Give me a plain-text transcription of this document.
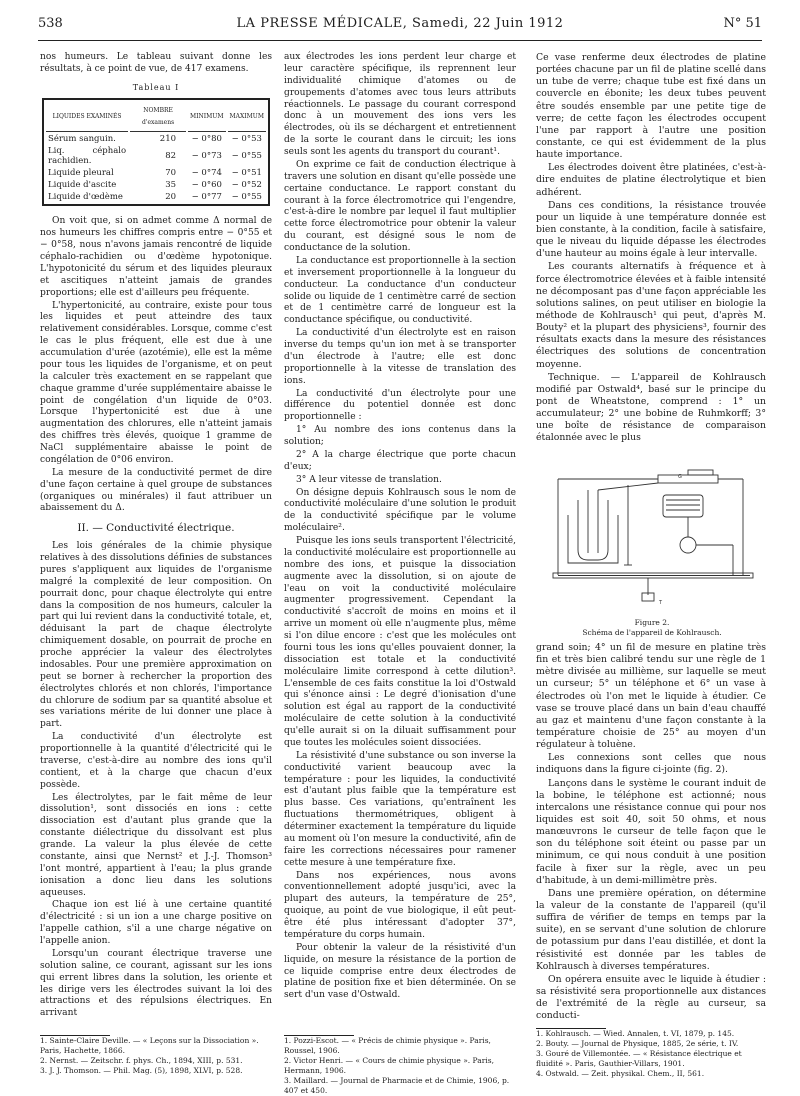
538	LA PRESSE MÉDICALE, Samedi, 22 Juin 1912	N° 51

nos humeurs. Le tableau suivant donne les résultats, à ce point de vue, de 417 examens.

Tableau I
LIQUIDES EXAMINÉS	NOMBRE d'examens	MINIMUM	MAXIMUM
Sérum sanguin.	210	− 0°80	− 0°53
Liq. céphalo rachidien.	82	− 0°73	− 0°55
Liquide pleural	70	− 0°74	− 0°51
Liquide d'ascite	35	− 0°60	− 0°52
Liquide d'œdème	20	− 0°77	− 0°55

On voit que, si on admet comme Δ normal de nos humeurs les chiffres compris entre − 0°55 et − 0°58, nous n'avons jamais rencontré de liquide céphalo-rachidien ou d'œdème hypotonique. L'hypotonicité du sérum et des liquides pleuraux et ascitiques n'atteint jamais de grandes proportions; elle est d'ailleurs peu fréquente.

L'hypertonicité, au contraire, existe pour tous les liquides et peut atteindre des taux relativement considérables. Lorsque, comme c'est le cas le plus fréquent, elle est due à une accumulation d'urée (azotémie), elle est la même pour tous les liquides de l'organisme, et on peut la calculer très exactement en se rappelant que chaque gramme d'urée supplémentaire abaisse le point de congélation d'un liquide de 0°03. Lorsque l'hypertonicité est due à une augmentation des chlorures, elle n'atteint jamais des chiffres très élevés, quoique 1 gramme de NaCl supplémentaire abaisse le point de congélation de 0°06 environ.

La mesure de la conductivité permet de dire d'une façon certaine à quel groupe de substances (organiques ou minérales) il faut attribuer un abaissement du Δ.

II. — Conductivité électrique.

Les lois générales de la chimie physique relatives à des dissolutions définies de substances pures s'appliquent aux liquides de l'organisme malgré la complexité de leur composition. On pourrait donc, pour chaque électrolyte qui entre dans la composition de nos humeurs, calculer la part qui lui revient dans la conductivité totale, et, déduisant la part de chaque électrolyte chimiquement dosable, on pourrait de proche en proche apprécier la valeur des électrolytes indosables. Pour une première approximation on peut se borner à rechercher la proportion des électrolytes chlorés et non chlorés, l'importance du chlorure de sodium par sa quantité absolue et ses variations mérite de lui donner une place à part.

La conductivité d'un électrolyte est proportionnelle à la quantité d'électricité qui le traverse, c'est-à-dire au nombre des ions qu'il contient, et à la charge que chacun d'eux possède.

Les électrolytes, par le fait même de leur dissolution¹, sont dissociés en ions : cette dissociation est d'autant plus grande que la constante diélectrique du dissolvant est plus grande. La valeur la plus élevée de cette constante, ainsi que Nernst² et J.-J. Thomson³ l'ont montré, appartient à l'eau; la plus grande ionisation a donc lieu dans les solutions aqueuses.

Chaque ion est lié à une certaine quantité d'électricité : si un ion a une charge positive on l'appelle cathion, s'il a une charge négative on l'appelle anion.

Lorsqu'un courant électrique traverse une solution saline, ce courant, agissant sur les ions qui errent libres dans la solution, les oriente et les dirige vers les électrodes suivant la loi des attractions et des répulsions électriques. En arrivant

1. Sainte-Claire Deville. — « Leçons sur la Dissociation ». Paris, Hachette, 1866.
2. Nernst. — Zeitschr. f. phys. Ch., 1894, XIII, p. 531.
3. J. J. Thomson. — Phil. Mag. (5), 1898, XLVI, p. 528.

aux électrodes les ions perdent leur charge et leur caractère spécifique, ils reprennent leur individualité chimique d'atomes ou de groupements d'atomes avec tous leurs attributs réactionnels. Le passage du courant correspond donc à un mouvement des ions vers les électrodes, où ils se déchargent et entretiennent de la sorte le courant dans le circuit; les ions seuls sont les agents du transport du courant¹.

On exprime ce fait de conduction électrique à travers une solution en disant qu'elle possède une certaine conductance. Le rapport constant du courant à la force électromotrice qui l'engendre, c'est-à-dire le nombre par lequel il faut multiplier cette force électromotrice pour obtenir la valeur du courant, est désigné sous le nom de conductance de la solution.

La conductance est proportionnelle à la section et inversement proportionnelle à la longueur du conducteur. La conductance d'un conducteur solide ou liquide de 1 centimètre carré de section et de 1 centimètre carré de longueur est la conductance spécifique, ou conductivité.

La conductivité d'un électrolyte est en raison inverse du temps qu'un ion met à se transporter d'un électrode à l'autre; elle est donc proportionnelle à la vitesse de translation des ions.

La conductivité d'un électrolyte pour une différence du potentiel donnée est donc proportionnelle :

1° Au nombre des ions contenus dans la solution;

2° A la charge électrique que porte chacun d'eux;

3° A leur vitesse de translation.

On désigne depuis Kohlrausch sous le nom de conductivité moléculaire d'une solution le produit de la conductivité spécifique par le volume moléculaire².

Puisque les ions seuls transportent l'électricité, la conductivité moléculaire est proportionnelle au nombre des ions, et puisque la dissociation augmente avec la dissolution, si on ajoute de l'eau on voit la conductivité moléculaire augmenter progressivement. Cependant la conductivité s'accroît de moins en moins et il arrive un moment où elle n'augmente plus, même si l'on dilue encore : c'est que les molécules ont fourni tous les ions qu'elles pouvaient donner, la dissociation est totale et la conductivité moléculaire limite correspond à cette dilution³. L'ensemble de ces faits constitue la loi d'Ostwald qui s'énonce ainsi : Le degré d'ionisation d'une solution est égal au rapport de la conductivité moléculaire de cette solution à la conductivité qu'elle aurait si on la diluait suffisamment pour que toutes les molécules soient dissociées.

La résistivité d'une substance ou son inverse la conductivité varient beaucoup avec la température : pour les liquides, la conductivité est d'autant plus faible que la température est plus basse. Ces variations, qu'entraînent les fluctuations thermométriques, obligent à déterminer exactement la température du liquide au moment où l'on mesure la conductivité, afin de faire les corrections nécessaires pour ramener cette mesure à une température fixe.

Dans nos expériences, nous avons conventionnellement adopté jusqu'ici, avec la plupart des auteurs, la température de 25°, quoique, au point de vue biologique, il eût peut-être été plus intéressant d'adopter 37°, température du corps humain.

Pour obtenir la valeur de la résistivité d'un liquide, on mesure la résistance de la portion de ce liquide comprise entre deux électrodes de platine de position fixe et bien déterminée. On se sert d'un vase d'Ostwald.

1. Pozzi-Escot. — « Précis de chimie physique ». Paris, Roussel, 1906.
2. Victor Henri. — « Cours de chimie physique ». Paris, Hermann, 1906.
3. Maillard. — Journal de Pharmacie et de Chimie, 1906, p. 407 et 450.

Ce vase renferme deux électrodes de platine portées chacune par un fil de platine scellé dans un tube de verre; chaque tube est fixé dans un couvercle en ébonite; les deux tubes peuvent être soudés ensemble par une petite tige de verre; de cette façon les électrodes occupent l'une par rapport à l'autre une position constante, ce qui est évidemment de la plus haute importance.

Les électrodes doivent être platinées, c'est-à-dire enduites de platine électrolytique et bien adhérent.

Dans ces conditions, la résistance trouvée pour un liquide à une température donnée est bien constante, à la condition, facile à satisfaire, que le niveau du liquide dépasse les électrodes d'une hauteur au moins égale à leur intervalle.

Les courants alternatifs à fréquence et à force électromotrice élevées et à faible intensité ne décomposant pas d'une façon appréciable les solutions salines, on peut utiliser en biologie la méthode de Kohlrausch¹ qui peut, d'après M. Bouty² et la plupart des physiciens³, fournir des résultats exacts dans la mesure des résistances électriques des solutions de concentration moyenne.

Technique. — L'appareil de Kohlrausch modifié par Ostwald⁴, basé sur le principe du pont de Wheatstone, comprend : 1° un accumulateur; 2° une bobine de Ruhmkorff; 3° une boîte de résistance de comparaison étalonnée avec le plus

T
G
Figure 2.
Schéma de l'appareil de Kohlrausch.

grand soin; 4° un fil de mesure en platine très fin et très bien calibré tendu sur une règle de 1 mètre divisée au millième, sur laquelle se meut un curseur; 5° un téléphone et 6° un vase à électrodes où l'on met le liquide à étudier. Ce vase se trouve placé dans un bain d'eau chauffé au gaz et maintenu d'une façon constante à la température choisie de 25° au moyen d'un régulateur à toluène.

Les connexions sont celles que nous indiquons dans la figure ci-jointe (fig. 2).

Lançons dans le système le courant induit de la bobine, le téléphone est actionné; nous intercalons une résistance connue qui pour nos liquides est soit 40, soit 50 ohms, et nous manœuvrons le curseur de telle façon que le son du téléphone soit éteint ou passe par un minimum, ce qui nous conduit à une position facile à fixer sur la règle, avec un peu d'habitude, à un demi-millimètre près.

Dans une première opération, on détermine la valeur de la constante de l'appareil (qu'il suffira de vérifier de temps en temps par la suite), en se servant d'une solution de chlorure de potassium pur dans l'eau distillée, et dont la résistivité est donnée par les tables de Kohlrausch à diverses températures.

On opérera ensuite avec le liquide à étudier : sa résistivité sera proportionnelle aux distances de l'extrémité de la règle au curseur, sa conducti-

1. Kohlrausch. — Wied. Annalen, t. VI, 1879, p. 145.
2. Bouty. — Journal de Physique, 1885, 2e série, t. IV.
3. Gouré de Villemontée. — « Résistance électrique et fluidité ». Paris, Gauthier-Villars, 1901.
4. Ostwald. — Zeit. physikal. Chem., II, 561.
